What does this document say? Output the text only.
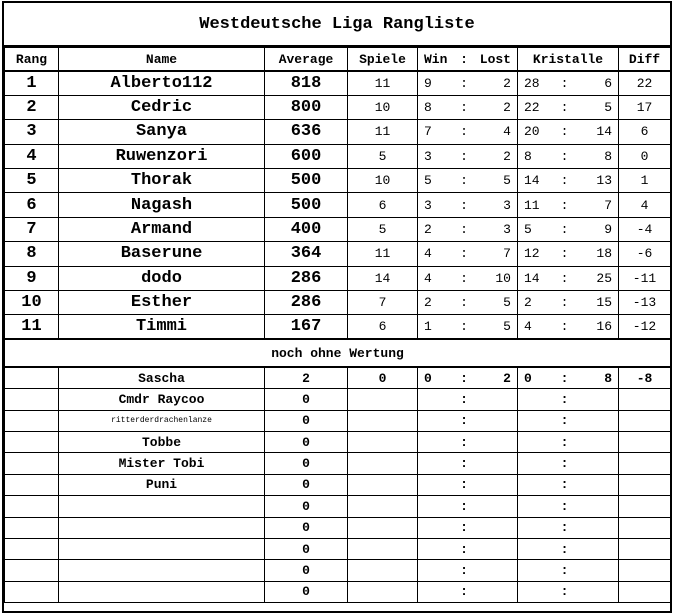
Westdeutsche Liga Rangliste
Rang	Name	Average	Spiele	Win : Lost	Kristalle	Diff
1	Alberto112	818	11	9 : 2	28 : 6	22
2	Cedric	800	10	8 : 2	22 : 5	17
3	Sanya	636	11	7 : 4	20 : 14	6
4	Ruwenzori	600	5	3 : 2	8 : 8	0
5	Thorak	500	10	5 : 5	14 : 13	1
6	Nagash	500	6	3 : 3	11 : 7	4
7	Armand	400	5	2 : 3	5 : 9	-4
8	Baserune	364	11	4 : 7	12 : 18	-6
9	dodo	286	14	4 : 10	14 : 25	-11
10	Esther	286	7	2 : 5	2 : 15	-13
11	Timmi	167	6	1 : 5	4 : 16	-12
noch ohne Wertung						
	Sascha	2	0	0 : 2	0 : 8	-8
	Cmdr Raycoo	0		:	:	

	ritterderdrachenlanze	0		:	:	

	Tobbe	0		:	:	

	Mister Tobi	0		:	:	

	Puni	0		:	:	

		0		:	:	

		0		:	:	

		0		:	:	

		0		:	:	

		0		:	:	
